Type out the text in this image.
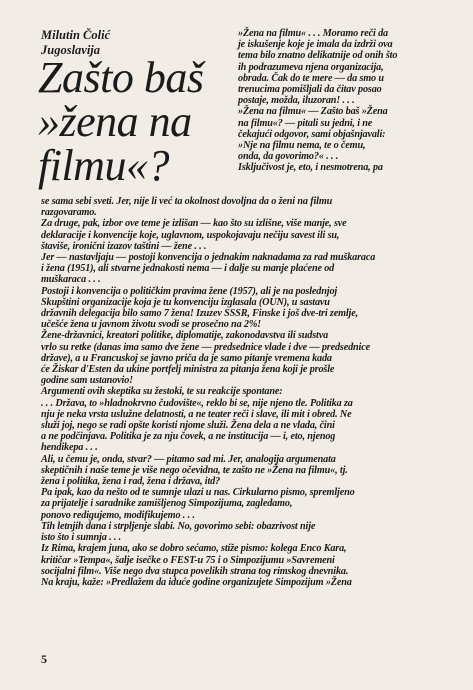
Milutin Čolić
Jugoslavija
Zašto baš
»žena na
filmu«?
»Žena na filmu« . . . Moramo reči da
je iskušenje koje je imala da izdrži ova
tema bilo znatno delikatnije od onih što
ih podrazumeva njena organizacija,
obrada. Čak do te mere — da smo u
trenucima pomišljali da čitav posao
postaje, možda, iluzoran! . . .
»Žena na filmu« — Zašto baš »Žena
na filmu«? — pitali su jedni, i ne
čekajući odgovor, sami objašnjavali:
»Nje na filmu nema, te o čemu,
onda, da govorimo?« . . .
Isključivost je, eto, i nesmotrena, pa
se sama sebi sveti. Jer, nije li već ta okolnost dovoljna da o ženi na filmu
razgovaramo.
Za druge, pak, izbor ove teme je izlišan — kao što su izlišne, više manje, sve
deklaracije i konvencije koje, uglavnom, uspokojavaju nečiju savest ili su,
štaviše, ironični izazov taštini — žene . . .
Jer — nastavljaju — postoji konvencija o jednakim naknadama za rad muškaraca
i žena (1951), ali stvarne jednakosti nema — i dalje su manje plaćene od
muškaraca . . .
Postoji i konvencija o političkim pravima žene (1957), ali je na poslednjoj
Skupštini organizacije koja je tu konvenciju izglasala (OUN), u sastavu
državnih delegacija bilo samo 7 žena! Izuzev SSSR, Finske i još dve-tri zemlje,
učešće žena u javnom životu svodi se prosečno na 2%!
Žene-državnici, kreatori politike, diplomatije, zakonodavstva ili sudstva
vrlo su retke (danas ima samo dve žene — predsednice vlade i dve — predsednice
države), a u Francuskoj se javno priča da je samo pitanje vremena kada
će Žiskar d'Esten da ukine portfelj ministra za pitanja žena koji je prošle
godine sam ustanovio!
Argumenti ovih skeptika su žestoki, te su reakcije spontane:
. . . Država, to »hladnokrvno čudovište«, reklo bi se, nije njeno tle. Politika za
nju je neka vrsta uslužne delatnosti, a ne teater reči i slave, ili mit i obred. Ne
služi joj, nego se radi opšte koristi njome služi. Žena dela a ne vlada, čini
a ne podčinjava. Politika je za nju čovek, a ne institucija — i, eto, njenog
hendikepa . . .
Ali, u čemu je, onda, stvar? — pitamo sad mi. Jer, analogija argumenata
skeptičnih i naše teme je više nego očevidna, te zašto ne »Žena na filmu«, tj.
žena i politika, žena i rad, žena i država, itd?
Pa ipak, kao da nešto od te sumnje ulazi u nas. Cirkularno pismo, spremljeno
za prijatelje i saradnike zamišljenog Simpozijuma, zagledamo,
ponovo redigujemo, modifikujemo . . .
Tih letnjih dana i strpljenje slabi. No, govorimo sebi: obazrivost nije
isto što i sumnja . . .
Iz Rima, krajem juna, ako se dobro sećamo, stiže pismo: kolega Enco Kara,
kritičar »Tempa«, šalje isečke o FEST-u 75 i o Simpozijumu »Savremeni
socijalni film«. Više nego dva stupca povelikih strana tog rimskog dnevnika.
Na kraju, kaže: »Predlažem da iduće godine organizujete Simpozijum »Žena
5
